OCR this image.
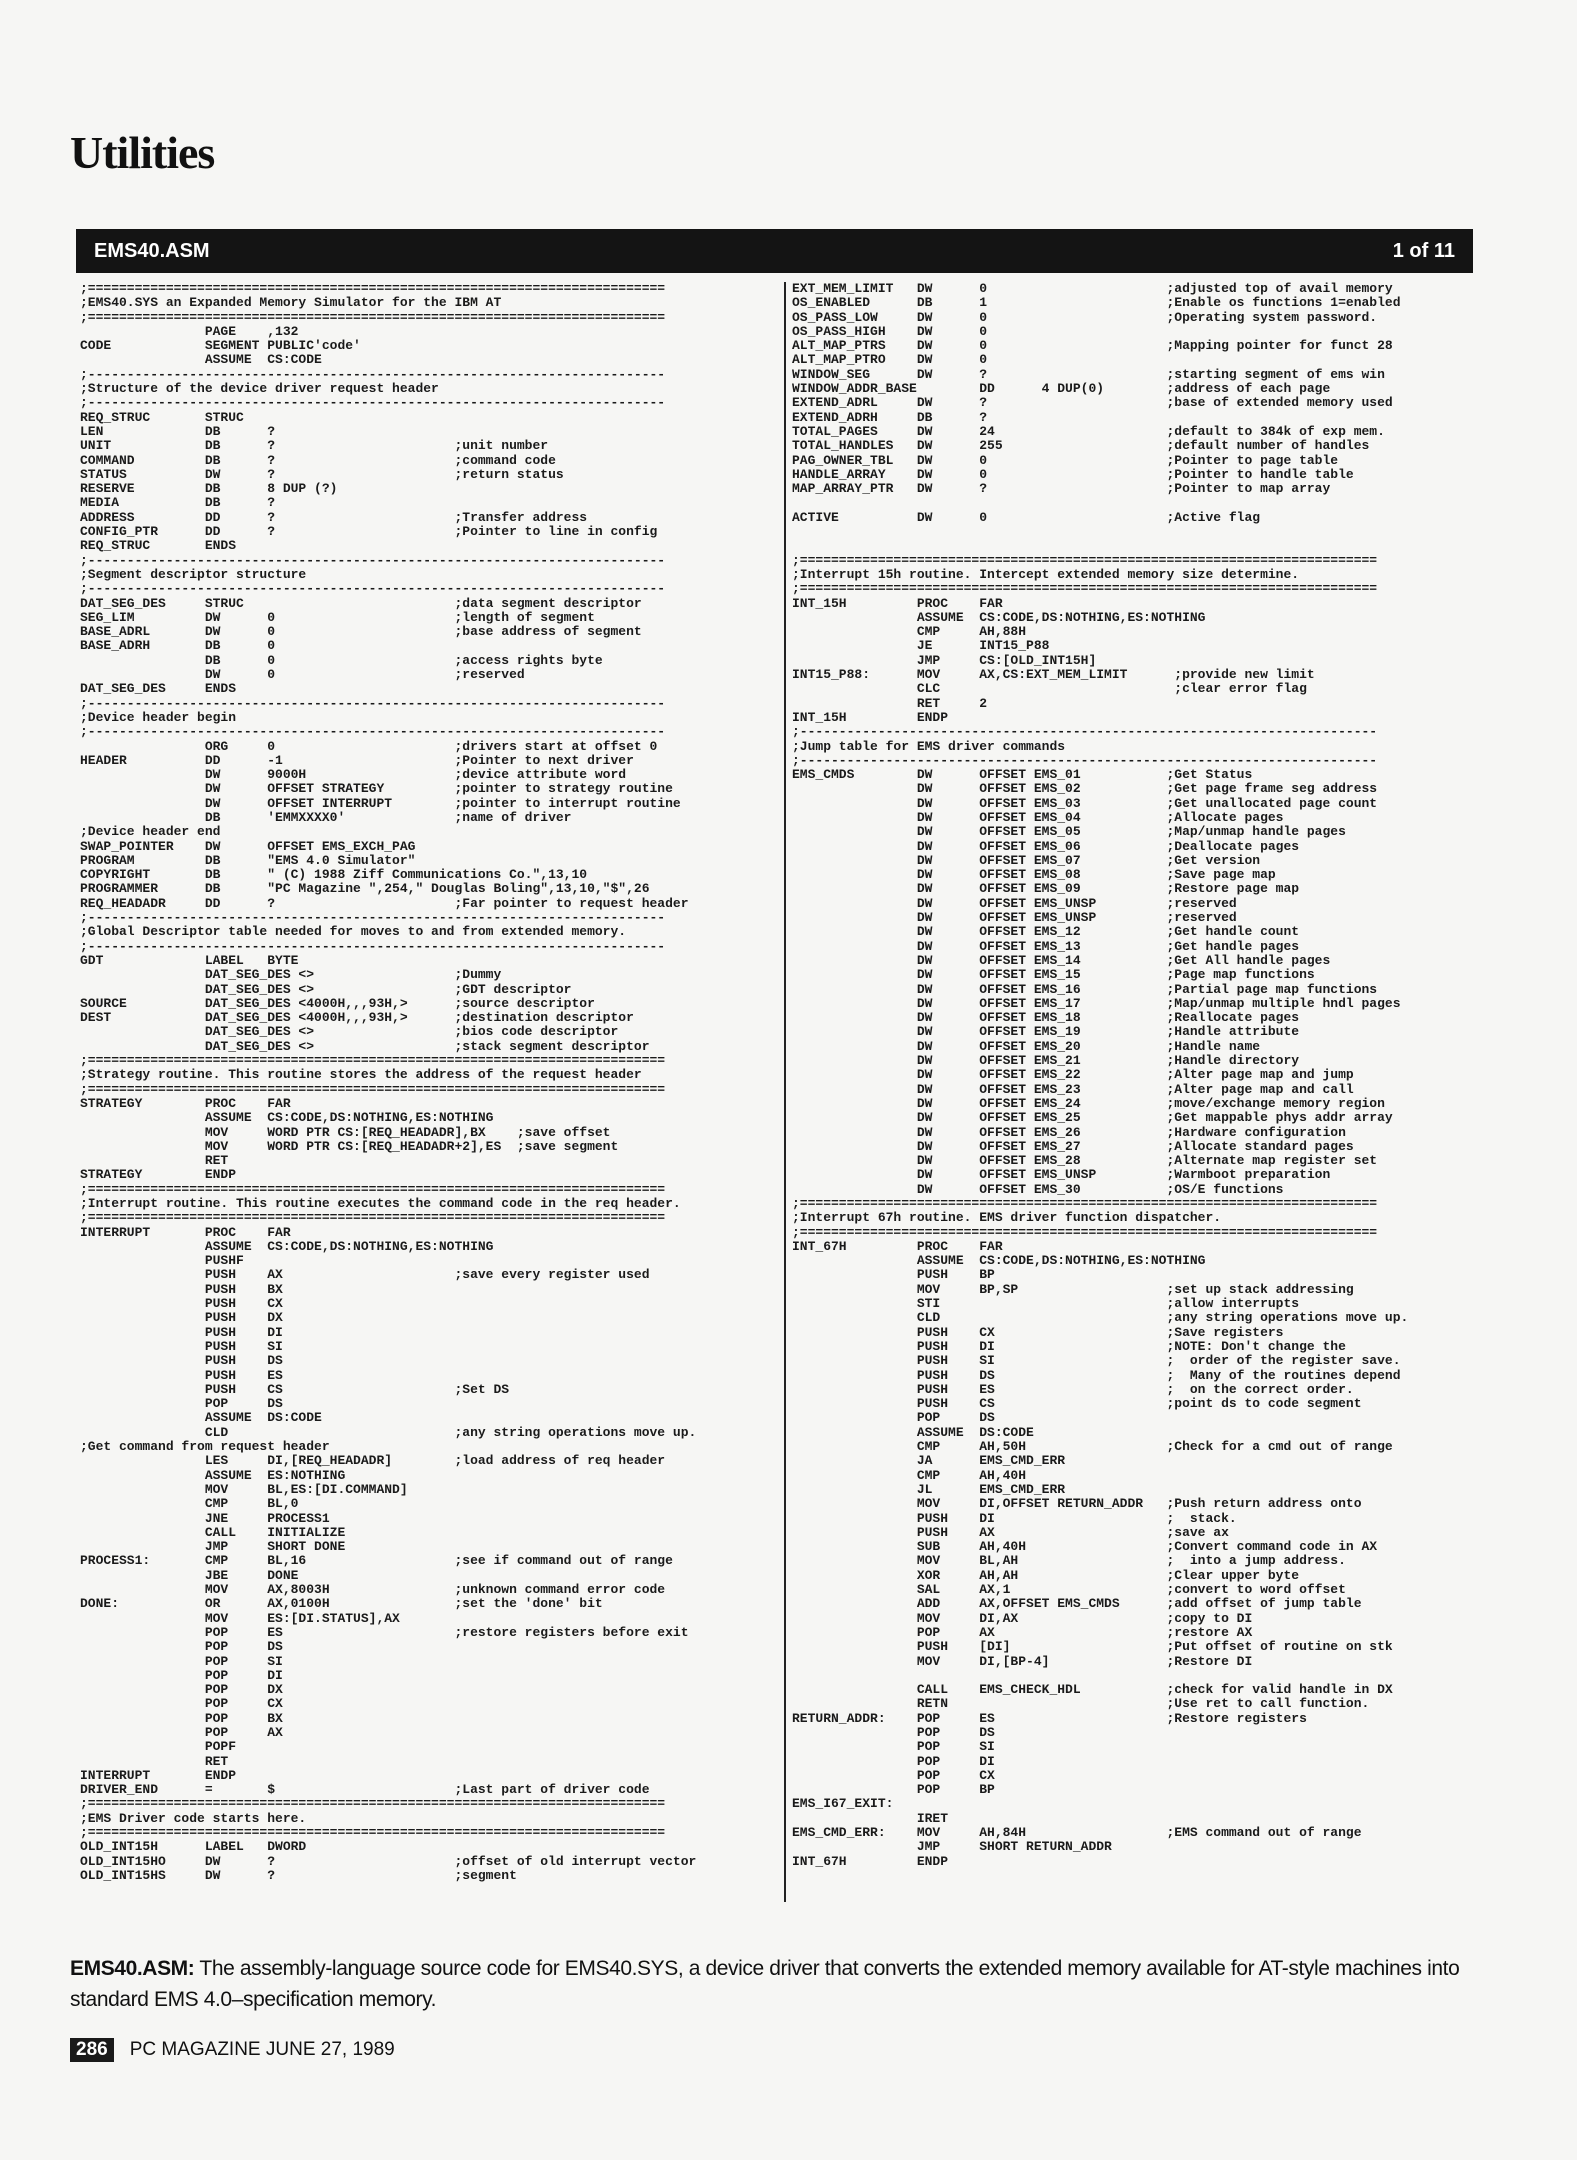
Utilities
EMS40.ASM	1 of 11
;==========================================================================
;EMS40.SYS an Expanded Memory Simulator for the IBM AT
;==========================================================================
PAGE    ,132
CODE            SEGMENT PUBLIC'code'
ASSUME  CS:CODE
;--------------------------------------------------------------------------
;Structure of the device driver request header
;--------------------------------------------------------------------------
REQ_STRUC       STRUC
LEN             DB      ?
UNIT            DB      ?                       ;unit number
COMMAND         DB      ?                       ;command code
STATUS          DW      ?                       ;return status
RESERVE         DB      8 DUP (?)
MEDIA           DB      ?
ADDRESS         DD      ?                       ;Transfer address
CONFIG_PTR      DD      ?                       ;Pointer to line in config
REQ_STRUC       ENDS
;--------------------------------------------------------------------------
;Segment descriptor structure
;--------------------------------------------------------------------------
DAT_SEG_DES     STRUC                           ;data segment descriptor
SEG_LIM         DW      0                       ;length of segment
BASE_ADRL       DW      0                       ;base address of segment
BASE_ADRH       DB      0
DB      0                       ;access rights byte
DW      0                       ;reserved
DAT_SEG_DES     ENDS
;--------------------------------------------------------------------------
;Device header begin
;--------------------------------------------------------------------------
ORG     0                       ;drivers start at offset 0
HEADER          DD      -1                      ;Pointer to next driver
DW      9000H                   ;device attribute word
DW      OFFSET STRATEGY         ;pointer to strategy routine
DW      OFFSET INTERRUPT        ;pointer to interrupt routine
DB      'EMMXXXX0'              ;name of driver
;Device header end
SWAP_POINTER    DW      OFFSET EMS_EXCH_PAG
PROGRAM         DB      "EMS 4.0 Simulator"
COPYRIGHT       DB      " (C) 1988 Ziff Communications Co.",13,10
PROGRAMMER      DB      "PC Magazine ",254," Douglas Boling",13,10,"$",26
REQ_HEADADR     DD      ?                       ;Far pointer to request header
;--------------------------------------------------------------------------
;Global Descriptor table needed for moves to and from extended memory.
;--------------------------------------------------------------------------
GDT             LABEL   BYTE
DAT_SEG_DES <>                  ;Dummy
DAT_SEG_DES <>                  ;GDT descriptor
SOURCE          DAT_SEG_DES <4000H,,,93H,>      ;source descriptor
DEST            DAT_SEG_DES <4000H,,,93H,>      ;destination descriptor
DAT_SEG_DES <>                  ;bios code descriptor
DAT_SEG_DES <>                  ;stack segment descriptor
;==========================================================================
;Strategy routine. This routine stores the address of the request header
;==========================================================================
STRATEGY        PROC    FAR
ASSUME  CS:CODE,DS:NOTHING,ES:NOTHING
MOV     WORD PTR CS:[REQ_HEADADR],BX    ;save offset
MOV     WORD PTR CS:[REQ_HEADADR+2],ES  ;save segment
RET
STRATEGY        ENDP
;==========================================================================
;Interrupt routine. This routine executes the command code in the req header.
;==========================================================================
INTERRUPT       PROC    FAR
ASSUME  CS:CODE,DS:NOTHING,ES:NOTHING
PUSHF
PUSH    AX                      ;save every register used
PUSH    BX
PUSH    CX
PUSH    DX
PUSH    DI
PUSH    SI
PUSH    DS
PUSH    ES
PUSH    CS                      ;Set DS
POP     DS
ASSUME  DS:CODE
CLD                             ;any string operations move up.
;Get command from request header
LES     DI,[REQ_HEADADR]        ;load address of req header
ASSUME  ES:NOTHING
MOV     BL,ES:[DI.COMMAND]
CMP     BL,0
JNE     PROCESS1
CALL    INITIALIZE
JMP     SHORT DONE
PROCESS1:       CMP     BL,16                   ;see if command out of range
JBE     DONE
MOV     AX,8003H                ;unknown command error code
DONE:           OR      AX,0100H                ;set the 'done' bit
MOV     ES:[DI.STATUS],AX
POP     ES                      ;restore registers before exit
POP     DS
POP     SI
POP     DI
POP     DX
POP     CX
POP     BX
POP     AX
POPF
RET
INTERRUPT       ENDP
DRIVER_END      =       $                       ;Last part of driver code
;==========================================================================
;EMS Driver code starts here.
;==========================================================================
OLD_INT15H      LABEL   DWORD
OLD_INT15HO     DW      ?                       ;offset of old interrupt vector
OLD_INT15HS     DW      ?                       ;segment
EXT_MEM_LIMIT   DW      0                       ;adjusted top of avail memory
OS_ENABLED      DB      1                       ;Enable os functions 1=enabled
OS_PASS_LOW     DW      0                       ;Operating system password.
OS_PASS_HIGH    DW      0
ALT_MAP_PTRS    DW      0                       ;Mapping pointer for funct 28
ALT_MAP_PTRO    DW      0
WINDOW_SEG      DW      ?                       ;starting segment of ems win
WINDOW_ADDR_BASE        DD      4 DUP(0)        ;address of each page
EXTEND_ADRL     DW      ?                       ;base of extended memory used
EXTEND_ADRH     DB      ?
TOTAL_PAGES     DW      24                      ;default to 384k of exp mem.
TOTAL_HANDLES   DW      255                     ;default number of handles
PAG_OWNER_TBL   DW      0                       ;Pointer to page table
HANDLE_ARRAY    DW      0                       ;Pointer to handle table
MAP_ARRAY_PTR   DW      ?                       ;Pointer to map array
ACTIVE          DW      0                       ;Active flag
;==========================================================================
;Interrupt 15h routine. Intercept extended memory size determine.
;==========================================================================
INT_15H         PROC    FAR
ASSUME  CS:CODE,DS:NOTHING,ES:NOTHING
CMP     AH,88H
JE      INT15_P88
JMP     CS:[OLD_INT15H]
INT15_P88:      MOV     AX,CS:EXT_MEM_LIMIT      ;provide new limit
CLC                              ;clear error flag
RET     2
INT_15H         ENDP
;--------------------------------------------------------------------------
;Jump table for EMS driver commands
;--------------------------------------------------------------------------
EMS_CMDS        DW      OFFSET EMS_01           ;Get Status
DW      OFFSET EMS_02           ;Get page frame seg address
DW      OFFSET EMS_03           ;Get unallocated page count
DW      OFFSET EMS_04           ;Allocate pages
DW      OFFSET EMS_05           ;Map/unmap handle pages
DW      OFFSET EMS_06           ;Deallocate pages
DW      OFFSET EMS_07           ;Get version
DW      OFFSET EMS_08           ;Save page map
DW      OFFSET EMS_09           ;Restore page map
DW      OFFSET EMS_UNSP         ;reserved
DW      OFFSET EMS_UNSP         ;reserved
DW      OFFSET EMS_12           ;Get handle count
DW      OFFSET EMS_13           ;Get handle pages
DW      OFFSET EMS_14           ;Get All handle pages
DW      OFFSET EMS_15           ;Page map functions
DW      OFFSET EMS_16           ;Partial page map functions
DW      OFFSET EMS_17           ;Map/unmap multiple hndl pages
DW      OFFSET EMS_18           ;Reallocate pages
DW      OFFSET EMS_19           ;Handle attribute
DW      OFFSET EMS_20           ;Handle name
DW      OFFSET EMS_21           ;Handle directory
DW      OFFSET EMS_22           ;Alter page map and jump
DW      OFFSET EMS_23           ;Alter page map and call
DW      OFFSET EMS_24           ;move/exchange memory region
DW      OFFSET EMS_25           ;Get mappable phys addr array
DW      OFFSET EMS_26           ;Hardware configuration
DW      OFFSET EMS_27           ;Allocate standard pages
DW      OFFSET EMS_28           ;Alternate map register set
DW      OFFSET EMS_UNSP         ;Warmboot preparation
DW      OFFSET EMS_30           ;OS/E functions
;==========================================================================
;Interrupt 67h routine. EMS driver function dispatcher.
;==========================================================================
INT_67H         PROC    FAR
ASSUME  CS:CODE,DS:NOTHING,ES:NOTHING
PUSH    BP
MOV     BP,SP                   ;set up stack addressing
STI                             ;allow interrupts
CLD                             ;any string operations move up.
PUSH    CX                      ;Save registers
PUSH    DI                      ;NOTE: Don't change the
PUSH    SI                      ;  order of the register save.
PUSH    DS                      ;  Many of the routines depend
PUSH    ES                      ;  on the correct order.
PUSH    CS                      ;point ds to code segment
POP     DS
ASSUME  DS:CODE
CMP     AH,50H                  ;Check for a cmd out of range
JA      EMS_CMD_ERR
CMP     AH,40H
JL      EMS_CMD_ERR
MOV     DI,OFFSET RETURN_ADDR   ;Push return address onto
PUSH    DI                      ;  stack.
PUSH    AX                      ;save ax
SUB     AH,40H                  ;Convert command code in AX
MOV     BL,AH                   ;  into a jump address.
XOR     AH,AH                   ;Clear upper byte
SAL     AX,1                    ;convert to word offset
ADD     AX,OFFSET EMS_CMDS      ;add offset of jump table
MOV     DI,AX                   ;copy to DI
POP     AX                      ;restore AX
PUSH    [DI]                    ;Put offset of routine on stk
MOV     DI,[BP-4]               ;Restore DI
CALL    EMS_CHECK_HDL           ;check for valid handle in DX
RETN                            ;Use ret to call function.
RETURN_ADDR:    POP     ES                      ;Restore registers
POP     DS
POP     SI
POP     DI
POP     CX
POP     BP
EMS_I67_EXIT:
IRET
EMS_CMD_ERR:    MOV     AH,84H                  ;EMS command out of range
JMP     SHORT RETURN_ADDR
INT_67H         ENDP

EMS40.ASM: The assembly-language source code for EMS40.SYS, a device driver that converts the extended memory available for AT-style machines into standard EMS 4.0–specification memory.

286	PC MAGAZINE JUNE 27, 1989
